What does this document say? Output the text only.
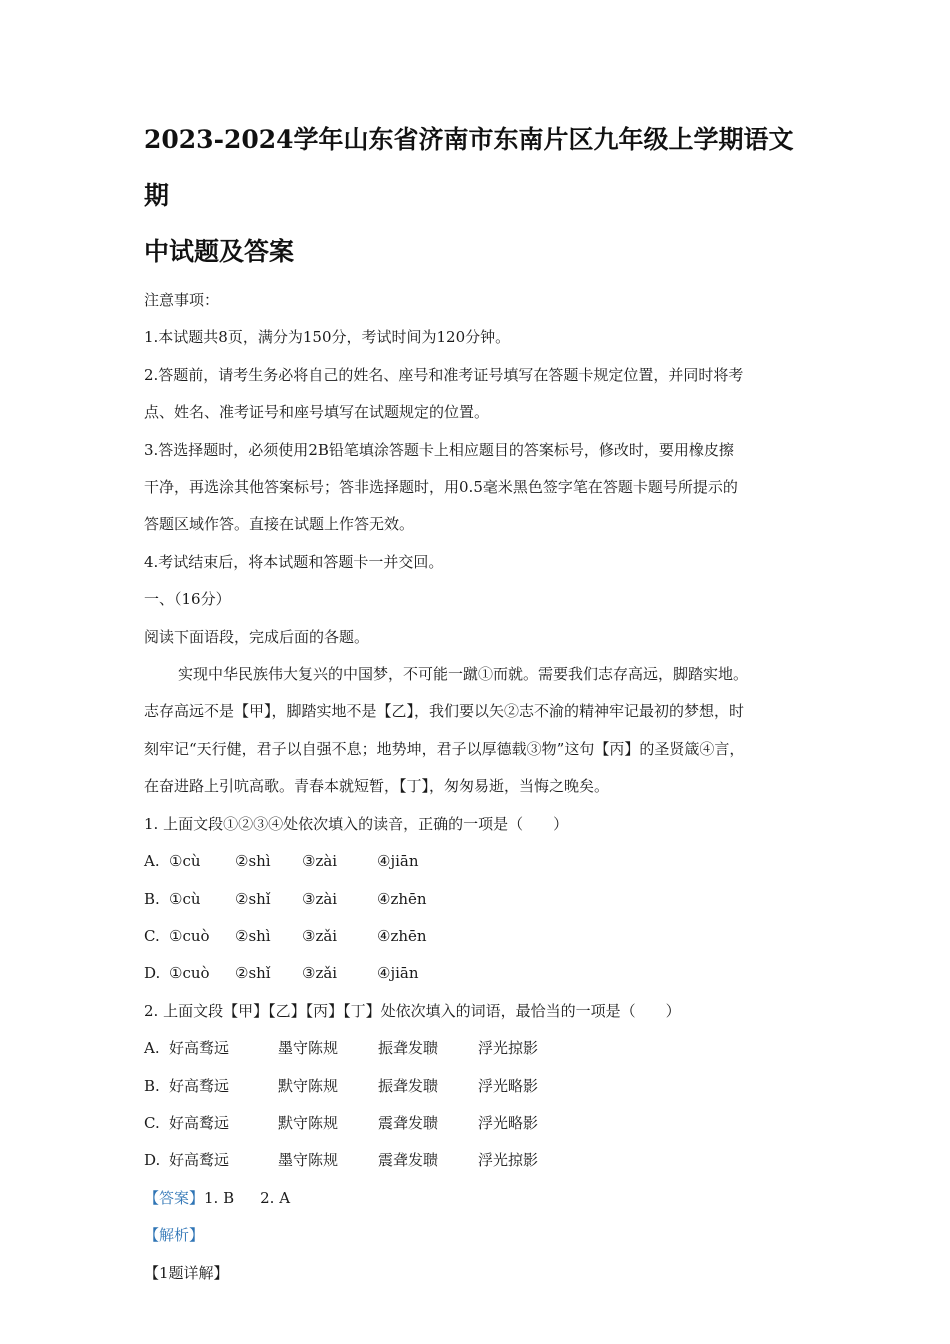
2023-2024学年山东省济南市东南片区九年级上学期语文期
中试题及答案
注意事项：
1.本试题共8页，满分为150分，考试时间为120分钟。
2.答题前，请考生务必将自己的姓名、座号和准考证号填写在答题卡规定位置，并同时将考
点、姓名、准考证号和座号填写在试题规定的位置。
3.答选择题时，必须使用2B铅笔填涂答题卡上相应题目的答案标号，修改时，要用橡皮擦
干净，再选涂其他答案标号；答非选择题时，用0.5毫米黑色签字笔在答题卡题号所提示的
答题区域作答。直接在试题上作答无效。
4.考试结束后，将本试题和答题卡一并交回。
一、（16分）
阅读下面语段，完成后面的各题。
实现中华民族伟大复兴的中国梦，不可能一蹴①而就。需要我们志存高远，脚踏实地。
志存高远不是【甲】，脚踏实地不是【乙】，我们要以矢②志不渝的精神牢记最初的梦想，时
刻牢记“天行健，君子以自强不息；地势坤，君子以厚德载③物”这句【丙】的圣贤箴④言，
在奋进路上引吭高歌。青春本就短暂，【丁】，匆匆易逝，当悔之晚矣。
1. 上面文段①②③④处依次填入的读音，正确的一项是（　　）
A. ①cù	②shì	③zài	④jiān
B. ①cù	②shǐ	③zài	④zhēn
C. ①cuò	②shì	③zǎi	④zhēn
D. ①cuò	②shǐ	③zǎi	④jiān
2. 上面文段【甲】【乙】【丙】【丁】处依次填入的词语，最恰当的一项是（　　）
A. 好高骛远	墨守陈规	振聋发聩	浮光掠影
B. 好高骛远	默守陈规	振聋发聩	浮光略影
C. 好高鹜远	默守陈规	震聋发聩	浮光略影
D. 好高鹜远	墨守陈规	震聋发聩	浮光掠影
【答案】1. B 2. A
【解析】
【1题详解】
